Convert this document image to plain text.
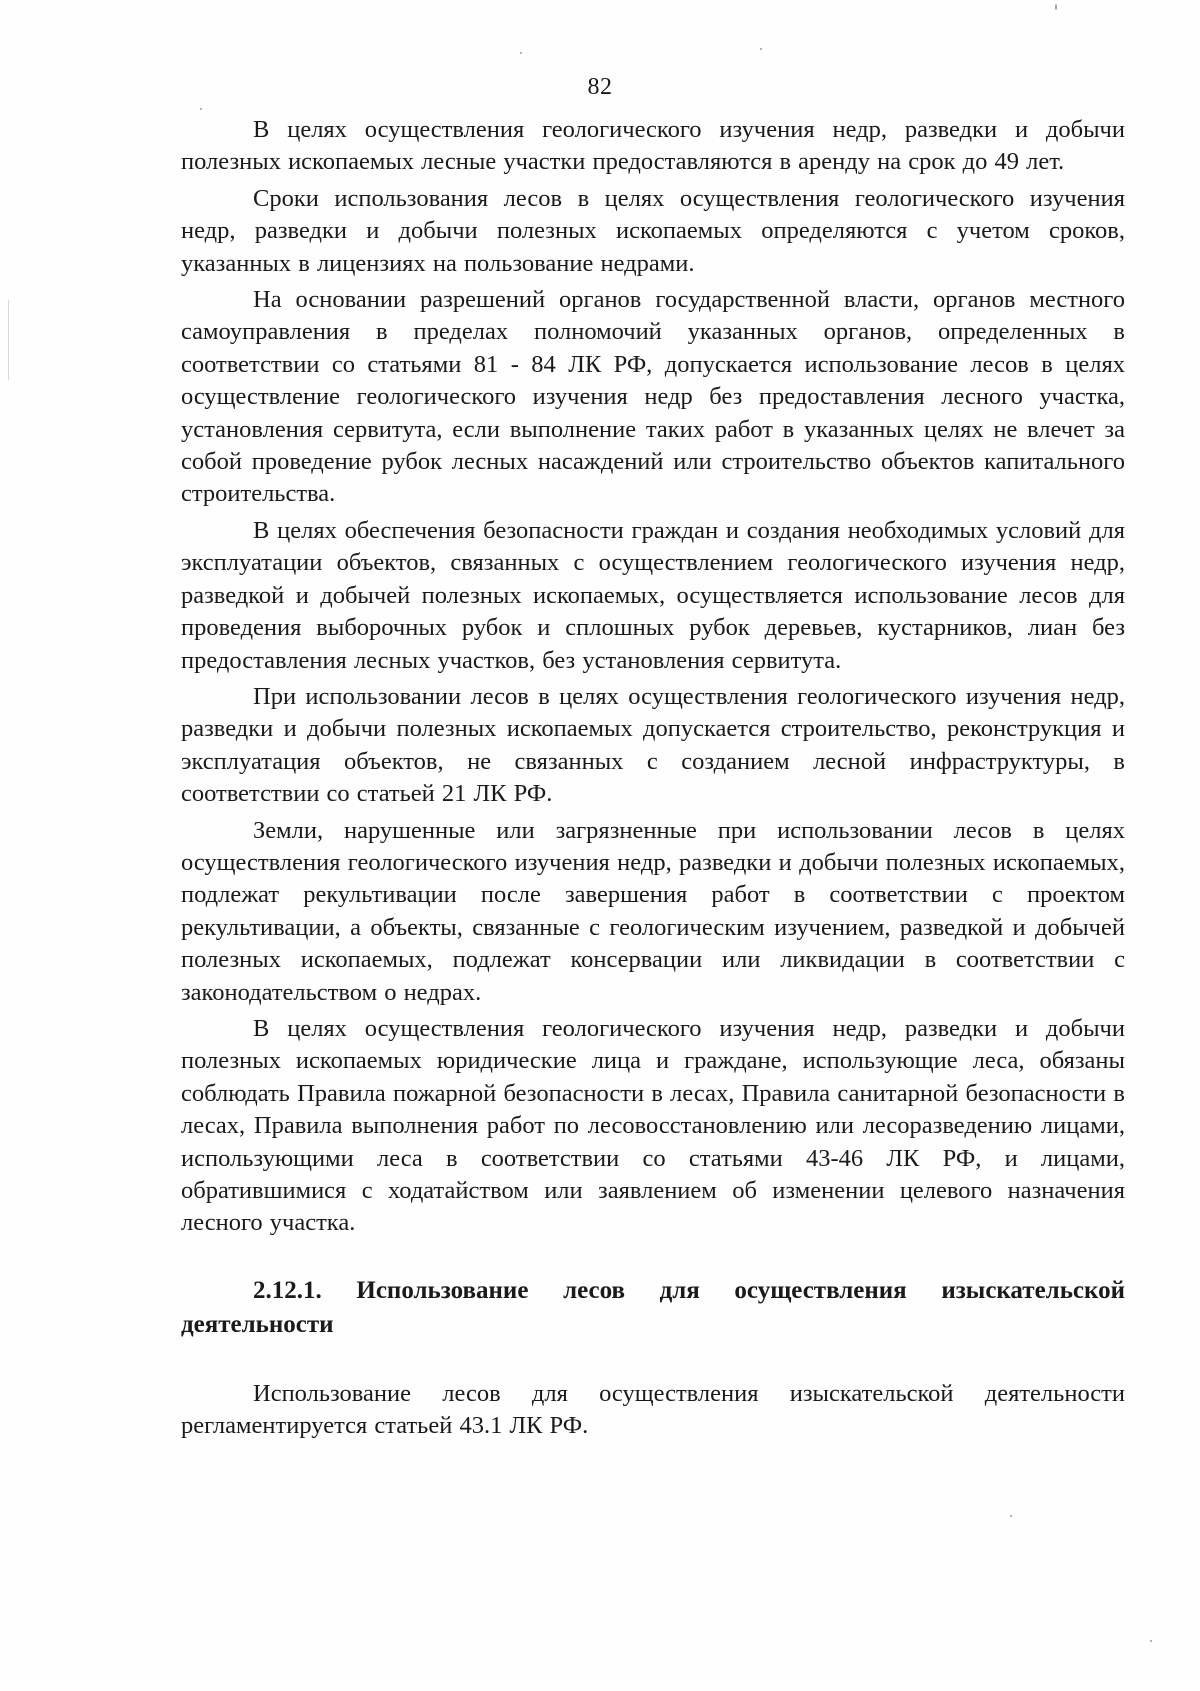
82

В целях осуществления геологического изучения недр, разведки и добычи полезных ископаемых лесные участки предоставляются в аренду на срок до 49 лет.

Сроки использования лесов в целях осуществления геологического изучения недр, разведки и добычи полезных ископаемых определяются с учетом сроков, указанных в лицензиях на пользование недрами.

На основании разрешений органов государственной власти, органов местного самоуправления в пределах полномочий указанных органов, определенных в соответствии со статьями 81 - 84 ЛК РФ, допускается использование лесов в целях осуществление геологического изучения недр без предоставления лесного участка, установления сервитута, если выполнение таких работ в указанных целях не влечет за собой проведение рубок лесных насаждений или строительство объектов капитального строительства.

В целях обеспечения безопасности граждан и создания необходимых условий для эксплуатации объектов, связанных с осуществлением геологического изучения недр, разведкой и добычей полезных ископаемых, осуществляется использование лесов для проведения выборочных рубок и сплошных рубок деревьев, кустарников, лиан без предоставления лесных участков, без установления сервитута.

При использовании лесов в целях осуществления геологического изучения недр, разведки и добычи полезных ископаемых допускается строительство, реконструкция и эксплуатация объектов, не связанных с созданием лесной инфраструктуры, в соответствии со статьей 21 ЛК РФ.

Земли, нарушенные или загрязненные при использовании лесов в целях осуществления геологического изучения недр, разведки и добычи полезных ископаемых, подлежат рекультивации после завершения работ в соответствии с проектом рекультивации, а объекты, связанные с геологическим изучением, разведкой и добычей полезных ископаемых, подлежат консервации или ликвидации в соответствии с законодательством о недрах.

В целях осуществления геологического изучения недр, разведки и добычи полезных ископаемых юридические лица и граждане, использующие леса, обязаны соблюдать Правила пожарной безопасности в лесах, Правила санитарной безопасности в лесах, Правила выполнения работ по лесовосстановлению или лесоразведению лицами, использующими леса в соответствии со статьями 43-46 ЛК РФ, и лицами, обратившимися с ходатайством или заявлением об изменении целевого назначения лесного участка.

2.12.1. Использование лесов для осуществления изыскательской деятельности

Использование лесов для осуществления изыскательской деятельности регламентируется статьей 43.1 ЛК РФ.
